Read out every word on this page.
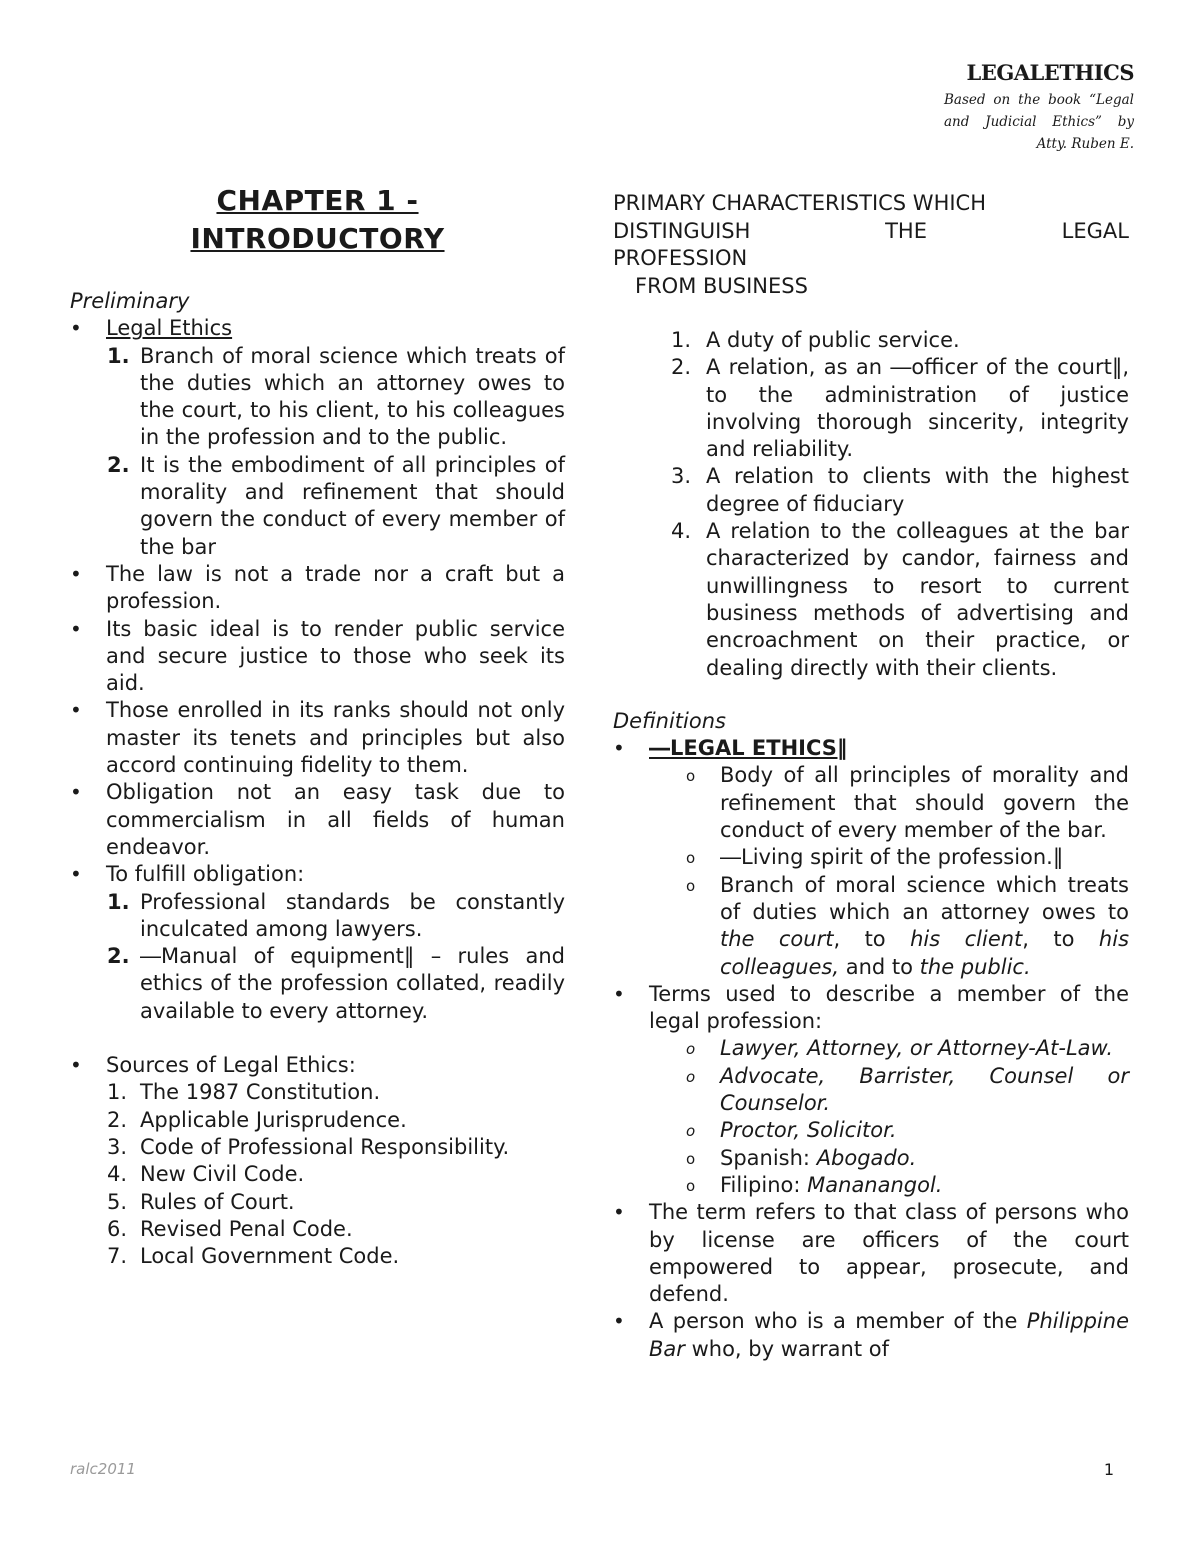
LEGALETHICS
Based on the book “Legal and Judicial Ethics” by Atty. Ruben E.
CHAPTER 1 -
INTRODUCTORY
Preliminary
• Legal Ethics
1. Branch of moral science which treats of the duties which an attorney owes to the court, to his client, to his colleagues in the profession and to the public.
2. It is the embodiment of all principles of morality and refinement that should govern the conduct of every member of the bar
• The law is not a trade nor a craft but a profession.
• Its basic ideal is to render public service and secure justice to those who seek its aid.
• Those enrolled in its ranks should not only master its tenets and principles but also accord continuing fidelity to them.
• Obligation not an easy task due to commercialism in all fields of human endeavor.
• To fulfill obligation:
1. Professional standards be constantly inculcated among lawyers.
2. ―Manual of equipment‖ – rules and ethics of the profession collated, readily available to every attorney.
• Sources of Legal Ethics:
1. The 1987 Constitution.
2. Applicable Jurisprudence.
3. Code of Professional Responsibility.
4. New Civil Code.
5. Rules of Court.
6. Revised Penal Code.
7. Local Government Code.
PRIMARY CHARACTERISTICS WHICH
DISTINGUISH THE LEGAL
PROFESSION
FROM BUSINESS
1. A duty of public service.
2. A relation, as an ―officer of the court‖, to the administration of justice involving thorough sincerity, integrity and reliability.
3. A relation to clients with the highest degree of fiduciary
4. A relation to the colleagues at the bar characterized by candor, fairness and unwillingness to resort to current business methods of advertising and encroachment on their practice, or dealing directly with their clients.
Definitions
• ―LEGAL ETHICS‖
o Body of all principles of morality and refinement that should govern the conduct of every member of the bar.
o ―Living spirit of the profession.‖
o Branch of moral science which treats of duties which an attorney owes to the court, to his client, to his colleagues, and to the public.
• Terms used to describe a member of the legal profession:
o Lawyer, Attorney, or Attorney-At-Law.
o Advocate, Barrister, Counsel or Counselor.
o Proctor, Solicitor.
o Spanish: Abogado.
o Filipino: Mananangol.
• The term refers to that class of persons who by license are officers of the court empowered to appear, prosecute, and defend.
• A person who is a member of the Philippine Bar who, by warrant of
ralc2011	1
